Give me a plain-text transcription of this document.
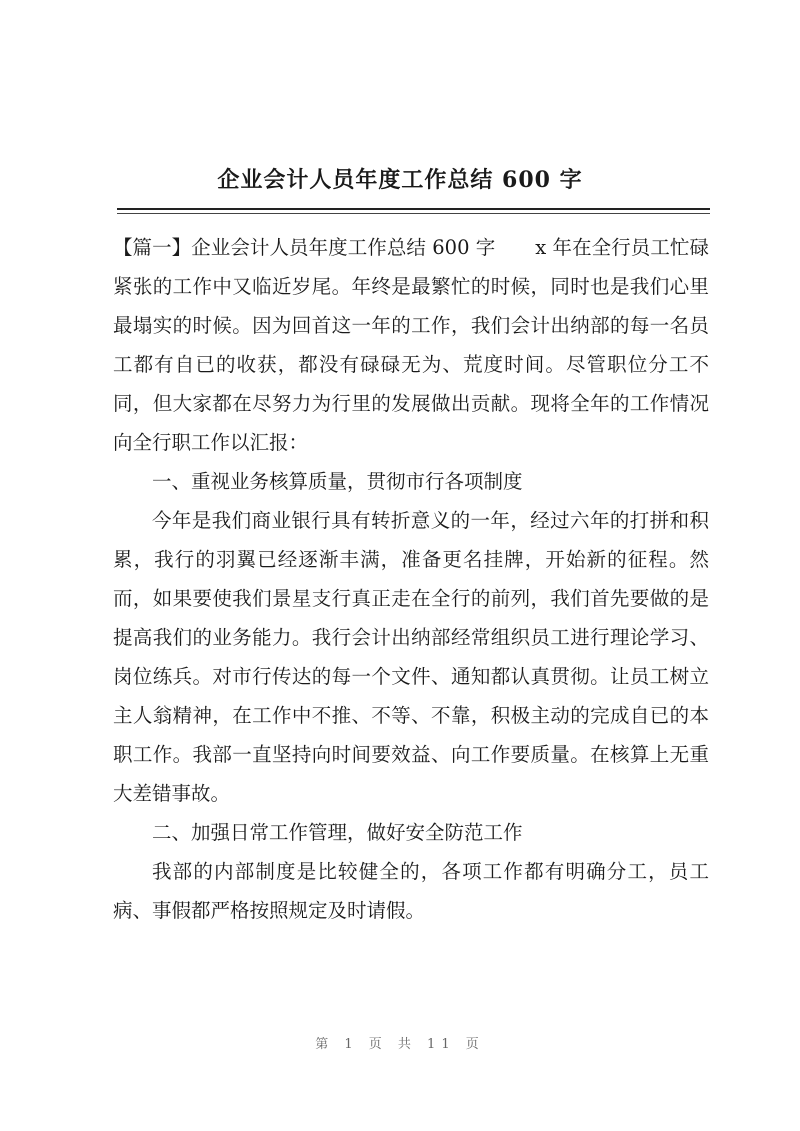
企业会计人员年度工作总结 600 字

【篇一】企业会计人员年度工作总结 600 字 x 年在全行员工忙碌紧张的工作中又临近岁尾。年终是最繁忙的时候，同时也是我们心里最塌实的时候。因为回首这一年的工作，我们会计出纳部的每一名员工都有自已的收获，都没有碌碌无为、荒度时间。尽管职位分工不同，但大家都在尽努力为行里的发展做出贡献。现将全年的工作情况向全行职工作以汇报：

一、重视业务核算质量，贯彻市行各项制度

今年是我们商业银行具有转折意义的一年，经过六年的打拼和积累，我行的羽翼已经逐渐丰满，准备更名挂牌，开始新的征程。然而，如果要使我们景星支行真正走在全行的前列，我们首先要做的是提高我们的业务能力。我行会计出纳部经常组织员工进行理论学习、岗位练兵。对市行传达的每一个文件、通知都认真贯彻。让员工树立主人翁精神，在工作中不推、不等、不靠，积极主动的完成自已的本职工作。我部一直坚持向时间要效益、向工作要质量。在核算上无重大差错事故。

二、加强日常工作管理，做好安全防范工作

我部的内部制度是比较健全的，各项工作都有明确分工，员工病、事假都严格按照规定及时请假。

第 1 页 共 11 页
